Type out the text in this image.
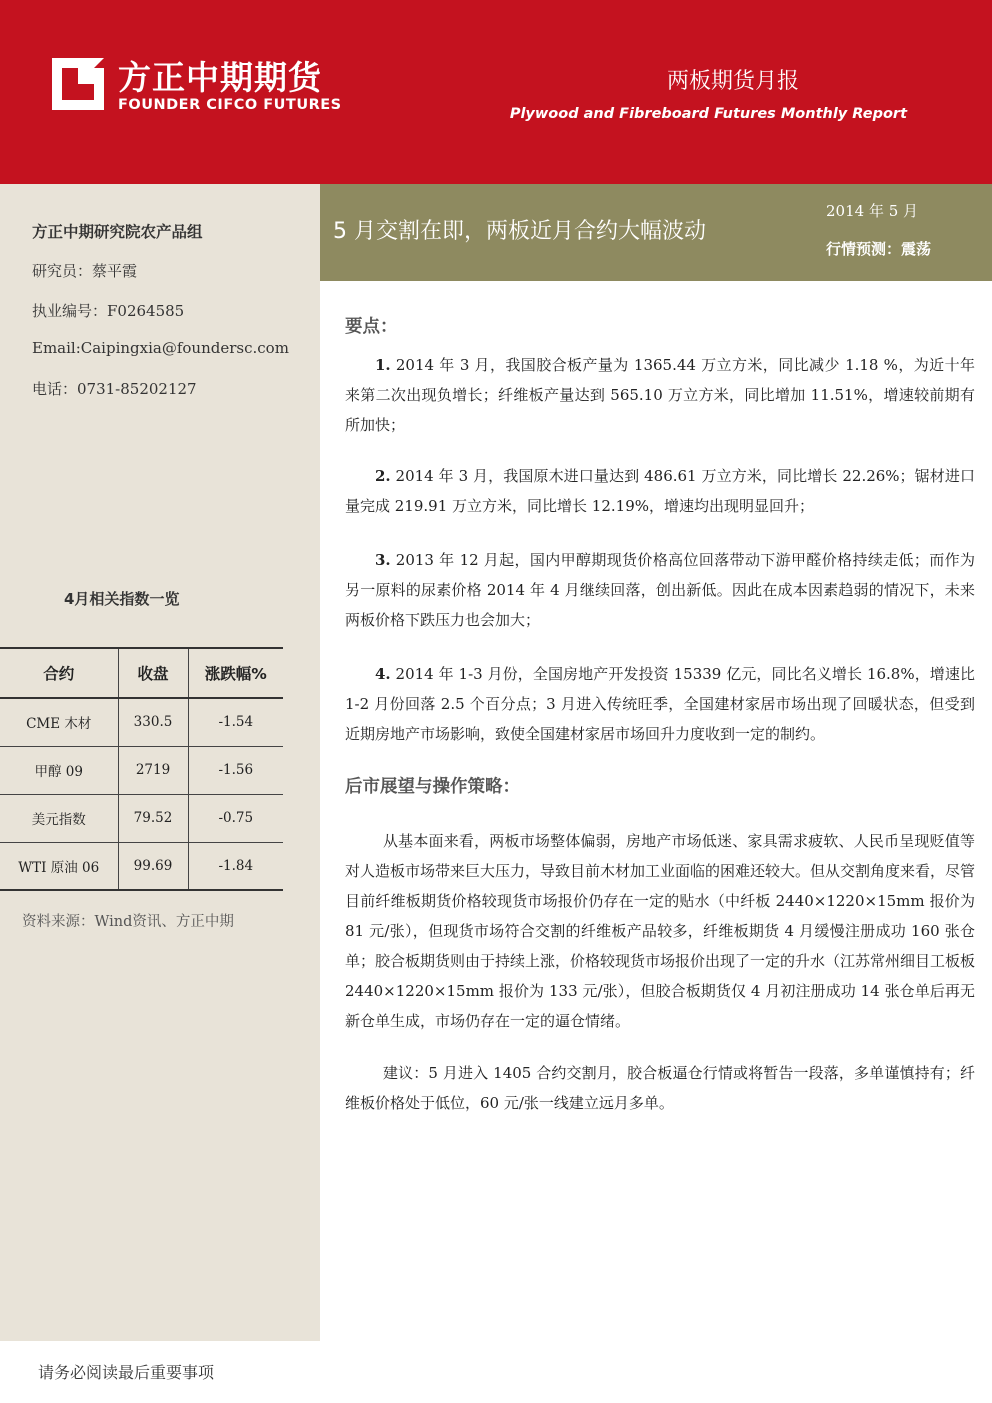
方正中期期货
FOUNDER CIFCO FUTURES
两板期货月报
Plywood and Fibreboard Futures Monthly Report
方正中期研究院农产品组
研究员：蔡平霞
执业编号：F0264585
Email:Caipingxia@foundersc.com
电话：0731-85202127
4月相关指数一览
合约	收盘	涨跌幅%
CME 木材	330.5	-1.54
甲醇 09	2719	-1.56
美元指数	79.52	-0.75
WTI 原油 06	99.69	-1.84
资料来源：Wind资讯、方正中期
5 月交割在即，两板近月合约大幅波动
2014 年 5 月
行情预测：震荡
要点：

1. 2014 年 3 月，我国胶合板产量为 1365.44 万立方米，同比减少 1.18 %，为近十年来第二次出现负增长；纤维板产量达到 565.10 万立方米，同比增加 11.51%，增速较前期有所加快；

2. 2014 年 3 月，我国原木进口量达到 486.61 万立方米，同比增长 22.26%；锯材进口量完成 219.91 万立方米，同比增长 12.19%，增速均出现明显回升；

3. 2013 年 12 月起，国内甲醇期现货价格高位回落带动下游甲醛价格持续走低；而作为另一原料的尿素价格 2014 年 4 月继续回落，创出新低。因此在成本因素趋弱的情况下，未来两板价格下跌压力也会加大；

4. 2014 年 1-3 月份，全国房地产开发投资 15339 亿元，同比名义增长 16.8%，增速比 1-2 月份回落 2.5 个百分点；3 月进入传统旺季，全国建材家居市场出现了回暖状态，但受到近期房地产市场影响，致使全国建材家居市场回升力度收到一定的制约。

后市展望与操作策略：

从基本面来看，两板市场整体偏弱，房地产市场低迷、家具需求疲软、人民币呈现贬值等对人造板市场带来巨大压力，导致目前木材加工业面临的困难还较大。但从交割角度来看，尽管目前纤维板期货价格较现货市场报价仍存在一定的贴水（中纤板 2440×1220×15mm 报价为 81 元/张），但现货市场符合交割的纤维板产品较多，纤维板期货 4 月缓慢注册成功 160 张仓单；胶合板期货则由于持续上涨，价格较现货市场报价出现了一定的升水（江苏常州细目工板板 2440×1220×15mm 报价为 133 元/张），但胶合板期货仅 4 月初注册成功 14 张仓单后再无新仓单生成，市场仍存在一定的逼仓情绪。

建议：5 月进入 1405 合约交割月，胶合板逼仓行情或将暂告一段落，多单谨慎持有；纤维板价格处于低位，60 元/张一线建立远月多单。

请务必阅读最后重要事项
